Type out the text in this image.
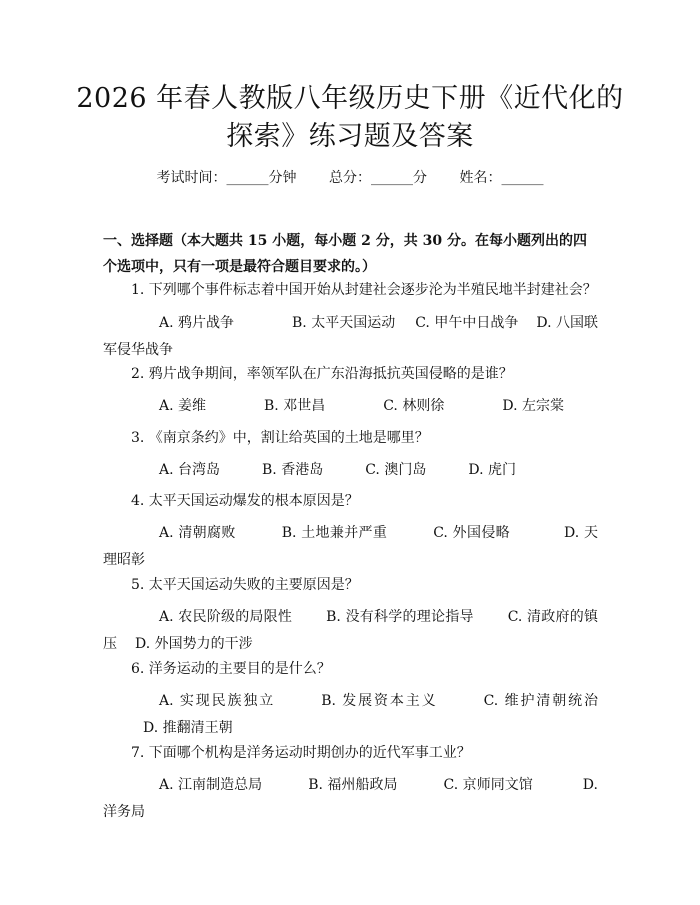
2026 年春人教版八年级历史下册《近代化的
探索》练习题及答案
考试时间：______分钟 总分：______分 姓名：______
一、选择题（本大题共 15 小题，每小题 2 分，共 30 分。在每小题列出的四个选项中，只有一项是最符合题目要求的。）
1. 下列哪个事件标志着中国开始从封建社会逐步沦为半殖民地半封建社会？
A. 鸦片战争	B. 太平天国运动 C. 甲午中日战争 D. 八国联军侵华战争
2. 鸦片战争期间，率领军队在广东沿海抵抗英国侵略的是谁？
A. 姜维	B. 邓世昌	C. 林则徐	D. 左宗棠
3. 《南京条约》中，割让给英国的土地是哪里？
A. 台湾岛	B. 香港岛	C. 澳门岛	D. 虎门
4. 太平天国运动爆发的根本原因是？
A. 清朝腐败	B. 土地兼并严重	C. 外国侵略	D. 天理昭彰
5. 太平天国运动失败的主要原因是？
A. 农民阶级的局限性 B. 没有科学的理论指导 C. 清政府的镇压 D. 外国势力的干涉
6. 洋务运动的主要目的是什么？
A. 实现民族独立	B. 发展资本主义	C. 维护清朝统治D. 推翻清王朝
7. 下面哪个机构是洋务运动时期创办的近代军事工业？
A. 江南制造总局	B. 福州船政局	C. 京师同文馆	D. 洋务局
